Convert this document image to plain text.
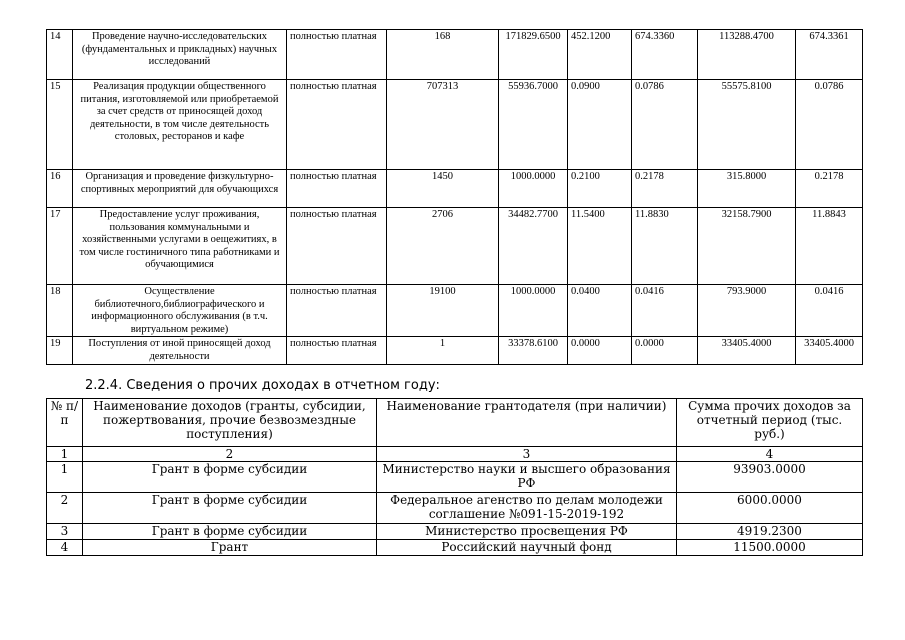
14	Проведение научно-исследовательских (фундаментальных и прикладных) научных исследований	полностью платная	168	171829.6500	452.1200	674.3360	113288.4700	674.3361
15	Реализация продукции общественного питания, изготовляемой или приобретаемой за счет средств от приносящей доход деятельности, в том числе деятельность столовых, ресторанов и кафе	полностью платная	707313	55936.7000	0.0900	0.0786	55575.8100	0.0786
16	Организация и проведение физкультурно-спортивных мероприятий для обучающихся	полностью платная	1450	1000.0000	0.2100	0.2178	315.8000	0.2178
17	Предоставление услуг проживания, пользования коммунальными и хозяйственными услугами в оещежитиях, в том числе гостиничного типа работниками и обучающимися	полностью платная	2706	34482.7700	11.5400	11.8830	32158.7900	11.8843
18	Осуществление библиотечного,библиографического и информационного обслуживания (в т.ч. виртуальном режиме)	полностью платная	19100	1000.0000	0.0400	0.0416	793.9000	0.0416
19	Поступления от иной приносящей доход деятельности	полностью платная	1	33378.6100	0.0000	0.0000	33405.4000	33405.4000
2.2.4. Сведения о прочих доходах в отчетном году:
№ п/п	Наименование доходов (гранты, субсидии, пожертвования, прочие безвозмездные поступления)	Наименование грантодателя (при наличии)	Сумма прочих доходов за отчетный период (тыс. руб.)
1	2	3	4
1	Грант в форме субсидии	Министерство науки и высшего образования РФ	93903.0000
2	Грант в форме субсидии	Федеральное агенство по делам молодежи соглашение №091-15-2019-192	6000.0000
3	Грант в форме субсидии	Министерство просвещения РФ	4919.2300
4	Грант	Российский научный фонд	11500.0000
